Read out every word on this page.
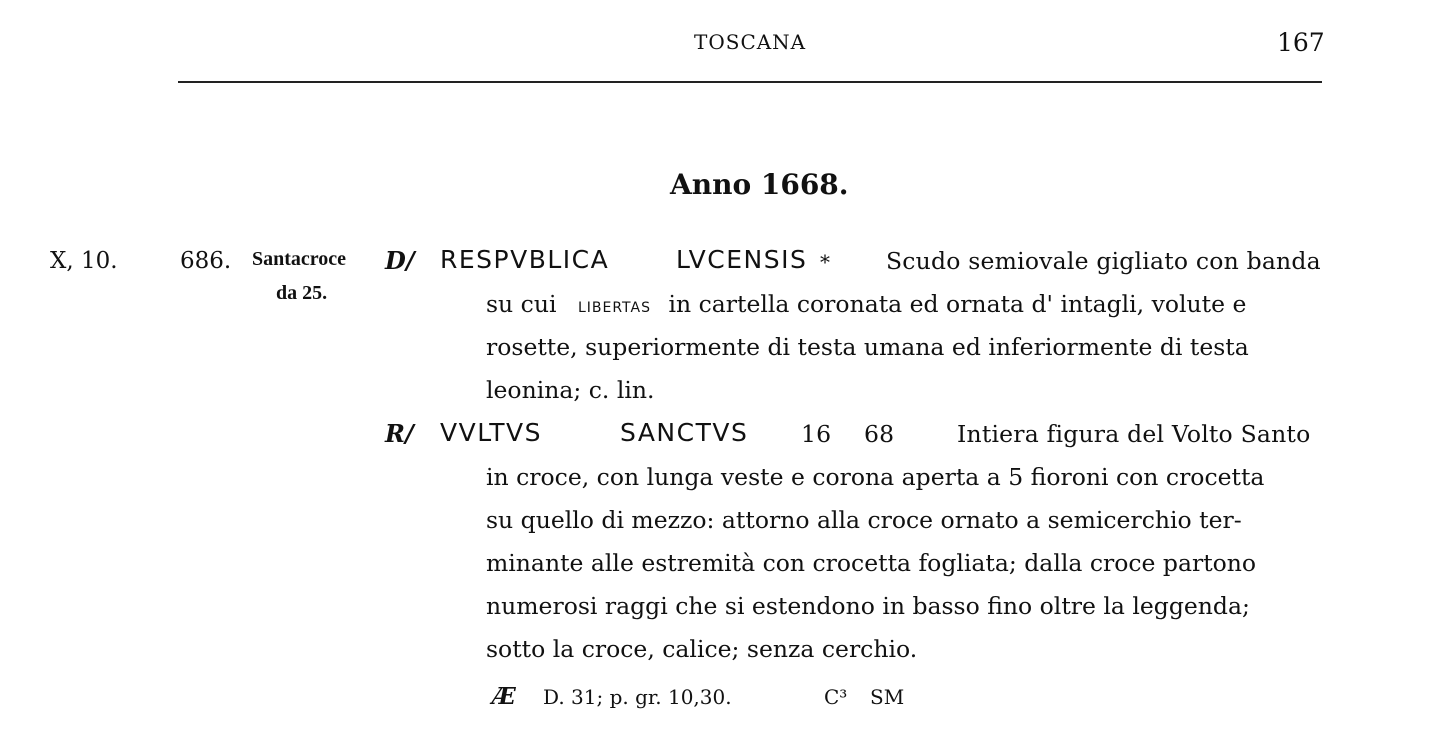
TOSCANA	167
Anno 1668.
X, 10.	686. Santacroce
da 25.
D/ RESPVBLICA	LVCENSIS ⁎ Scudo semiovale gigliato con banda
su cui LIBERTAS in cartella coronata ed ornata d' intagli, volute e
rosette, superiormente di testa umana ed inferiormente di testa
leonina; c. lin.
R/ VVLTVS	SANCTVS 16 68	Intiera figura del Volto Santo
in croce, con lunga veste e corona aperta a 5 fioroni con crocetta
su quello di mezzo: attorno alla croce ornato a semicerchio ter-
minante alle estremità con crocetta fogliata; dalla croce partono
numerosi raggi che si estendono in basso fino oltre la leggenda;
sotto la croce, calice; senza cerchio.
Æ D. 31; p. gr. 10,30.	C³ SM
